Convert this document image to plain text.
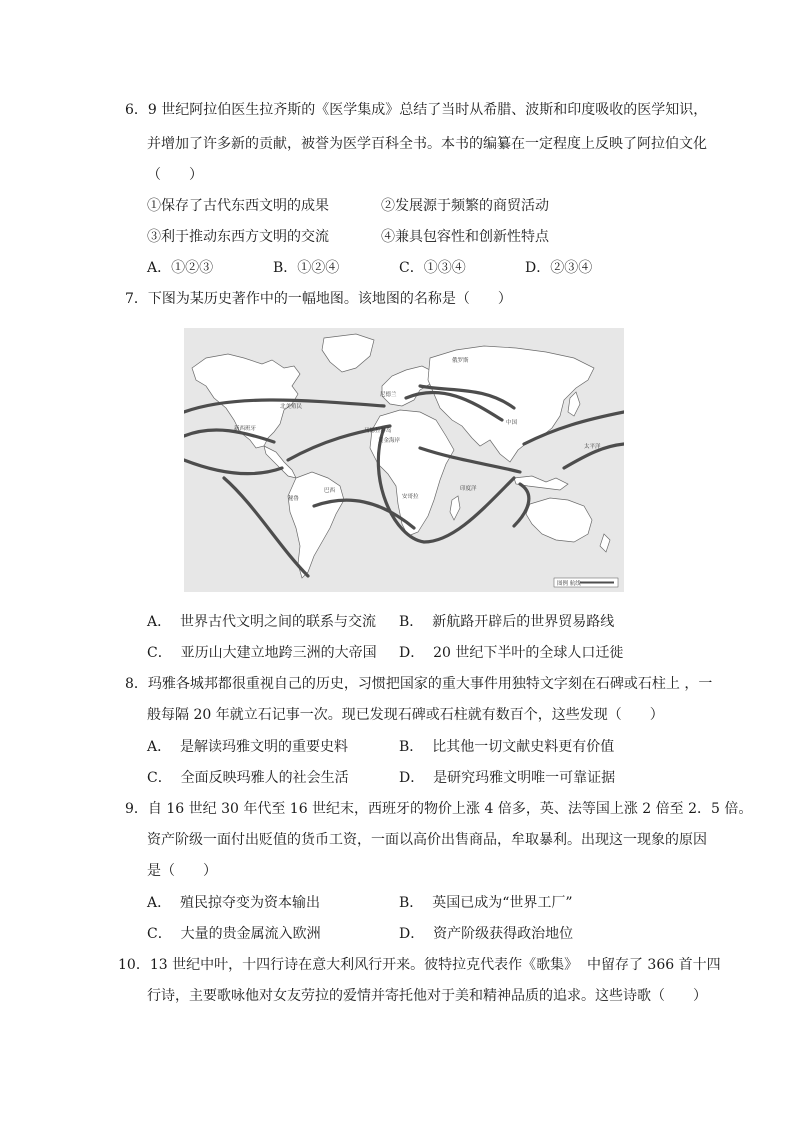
6．9 世纪阿拉伯医生拉齐斯的《医学集成》总结了当时从希腊、波斯和印度吸收的医学知识，
并增加了许多新的贡献，被誉为医学百科全书。本书的编纂在一定程度上反映了阿拉伯文化
（　　）
①保存了古代东西文明的成果	②发展源于频繁的商贸活动
③利于推动东西方文明的交流	④兼具包容性和创新性特点
A．①②③	B．①②④	C．①③④	D．②③④
7．下图为某历史著作中的一幅地图。该地图的名称是（　　）
俄罗斯
尼德兰
中国
北美殖民
新西班牙	马德拉群岛
黄金海岸
印度洋
太平洋
秘鲁
巴西
安哥拉
图例 航线
A．  世界古代文明之间的联系与交流 B．  新航路开辟后的世界贸易路线
C．  亚历山大建立地跨三洲的大帝国 D．  20 世纪下半叶的全球人口迁徙
8．玛雅各城邦都很重视自己的历史，习惯把国家的重大事件用独特文字刻在石碑或石柱上 ，一
般每隔 20 年就立石记事一次。现已发现石碑或石柱就有数百个，这些发现（　　）
A．  是解读玛雅文明的重要史料	B．  比其他一切文献史料更有价值
C．  全面反映玛雅人的社会生活	D．  是研究玛雅文明唯一可靠证据
9．自 16 世纪 30 年代至 16 世纪末，西班牙的物价上涨 4 倍多，英、法等国上涨 2 倍至 2．5 倍。
资产阶级一面付出贬值的货币工资，一面以高价出售商品，牟取暴利。出现这一现象的原因
是（　　）
A．  殖民掠夺变为资本输出	B．  英国已成为“世界工厂”
C．  大量的贵金属流入欧洲	D．  资产阶级获得政治地位
10．13 世纪中叶，十四行诗在意大利风行开来。彼特拉克代表作《歌集》  中留存了 366 首十四
行诗，主要歌咏他对女友劳拉的爱情并寄托他对于美和精神品质的追求。这些诗歌（　　）
